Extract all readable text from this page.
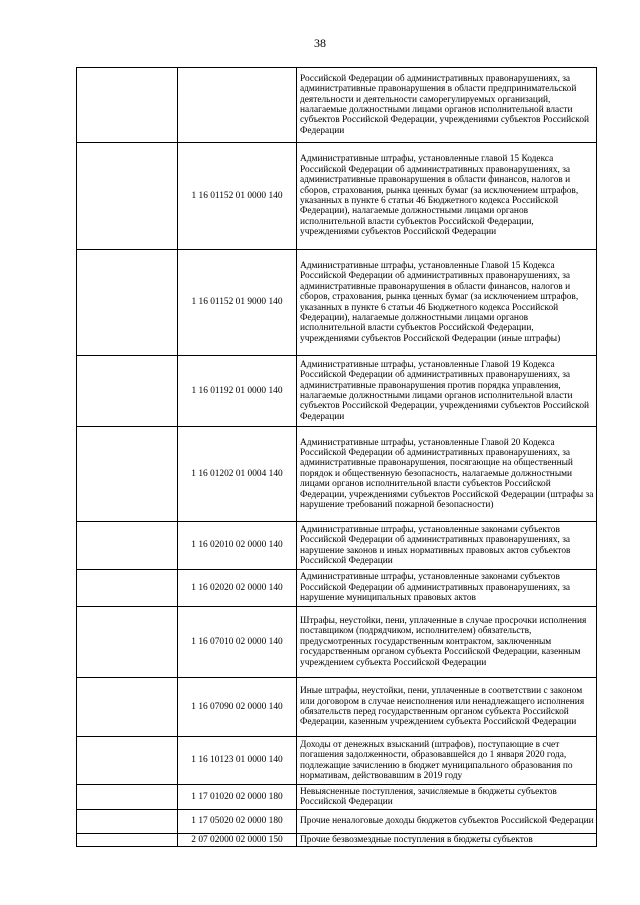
38
		Российской Федерации об административных правонарушениях, за административные правонарушения в области предпринимательской деятельности и деятельности саморегулируемых организаций, налагаемые должностными лицами органов исполнительной власти субъектов Российской Федерации, учреждениями субъектов Российской Федерации
	1 16 01152 01 0000 140	Административные штрафы, установленные главой 15 Кодекса Российской Федерации об административных правонарушениях, за административные правонарушения в области финансов, налогов и сборов, страхования, рынка ценных бумаг (за исключением штрафов, указанных в пункте 6 статьи 46 Бюджетного кодекса Российской Федерации), налагаемые должностными лицами органов исполнительной власти субъектов Российской Федерации, учреждениями субъектов Российской Федерации
	1 16 01152 01 9000 140	Административные штрафы, установленные Главой 15 Кодекса Российской Федерации об административных правонарушениях, за административные правонарушения в области финансов, налогов и сборов, страхования, рынка ценных бумаг (за исключением штрафов, указанных в пункте 6 статьи 46 Бюджетного кодекса Российской Федерации), налагаемые должностными лицами органов исполнительной власти субъектов Российской Федерации, учреждениями субъектов Российской Федерации (иные штрафы)
	1 16 01192 01 0000 140	Административные штрафы, установленные Главой 19 Кодекса Российской Федерации об административных правонарушениях, за административные правонарушения против порядка управления, налагаемые должностными лицами органов исполнительной власти субъектов Российской Федерации, учреждениями субъектов Российской Федерации
	1 16 01202 01 0004 140	Административные штрафы, установленные Главой 20 Кодекса Российской Федерации об административных правонарушениях, за административные правонарушения, посягающие на общественный порядок и общественную безопасность, налагаемые должностными лицами органов исполнительной власти субъектов Российской Федерации, учреждениями субъектов Российской Федерации (штрафы за нарушение требований пожарной безопасности)
	1 16 02010 02 0000 140	Административные штрафы, установленные законами субъектов Российской Федерации об административных правонарушениях, за нарушение законов и иных нормативных правовых актов субъектов Российской Федерации
	1 16 02020 02 0000 140	Административные штрафы, установленные законами субъектов Российской Федерации об административных правонарушениях, за нарушение муниципальных правовых актов
	1 16 07010 02 0000 140	Штрафы, неустойки, пени, уплаченные в случае просрочки исполнения поставщиком (подрядчиком, исполнителем) обязательств, предусмотренных государственным контрактом, заключенным государственным органом субъекта Российской Федерации, казенным учреждением субъекта Российской Федерации
	1 16 07090 02 0000 140	Иные штрафы, неустойки, пени, уплаченные в соответствии с законом или договором в случае неисполнения или ненадлежащего исполнения обязательств перед государственным органом субъекта Российской Федерации, казенным учреждением субъекта Российской Федерации
	1 16 10123 01 0000 140	Доходы от денежных взысканий (штрафов), поступающие в счет погашения задолженности, образовавшейся до 1 января 2020 года, подлежащие зачислению в бюджет муниципального образования по нормативам, действовавшим в 2019 году
	1 17 01020 02 0000 180	Невыясненные поступления, зачисляемые в бюджеты субъектов Российской Федерации
	1 17 05020 02 0000 180	Прочие неналоговые доходы бюджетов субъектов Российской Федерации
	2 07 02000 02 0000 150	Прочие безвозмездные поступления в бюджеты субъектов
